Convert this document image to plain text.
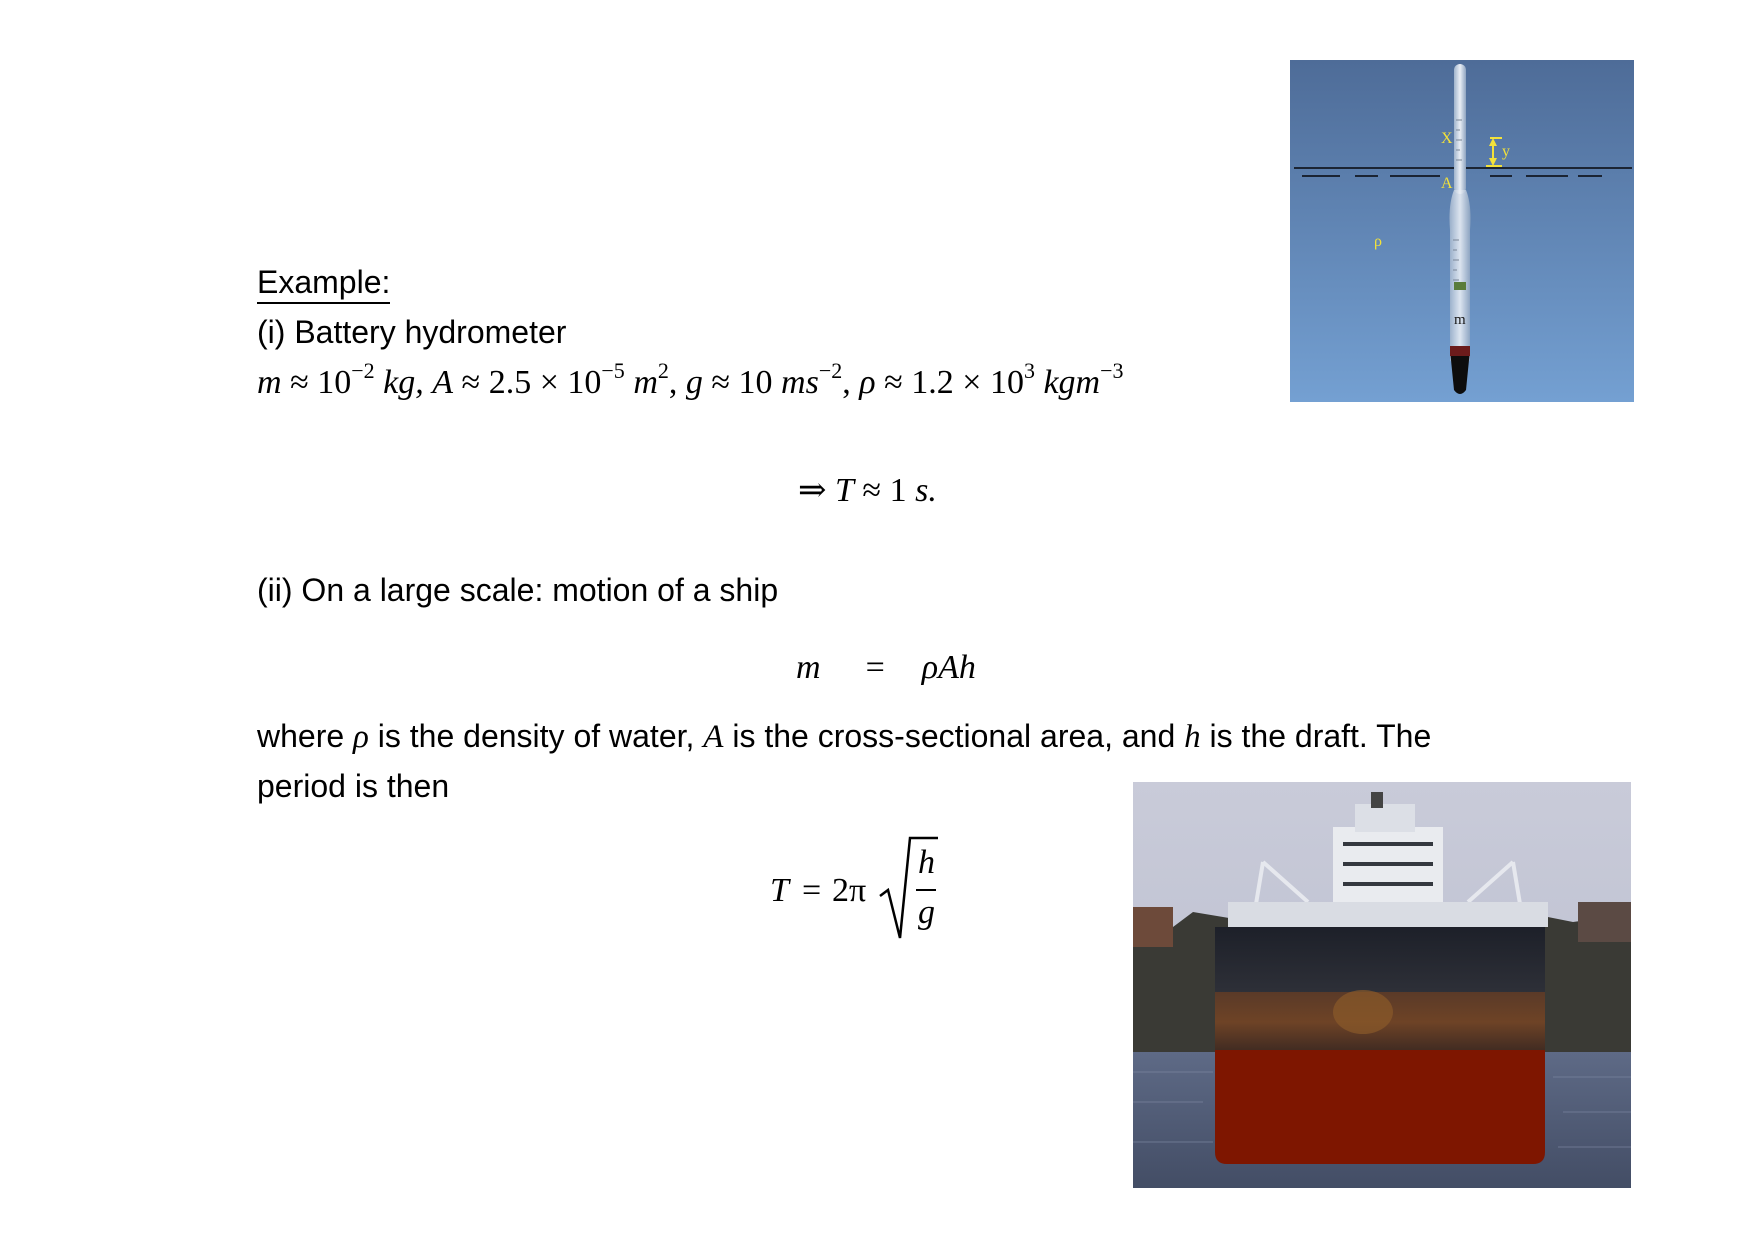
Example:
(i) Battery hydrometer
$m \approx 10^{-2}$ kg, $A \approx 2.5 \times 10^{-5}$ $m^2$, g ≈ 10 $ms^{-2}$, $\rho \approx 1.2 \times 10^3$ kgm$^{-3}$
⇒ T ≈ 1 s.
(ii) On a large scale: motion of a ship
m = ρAh
where ρ is the density of water, A is the cross-sectional area, and h is the draft. The
period is then
T = 2π
h
g
X
y
A
ρ
m
